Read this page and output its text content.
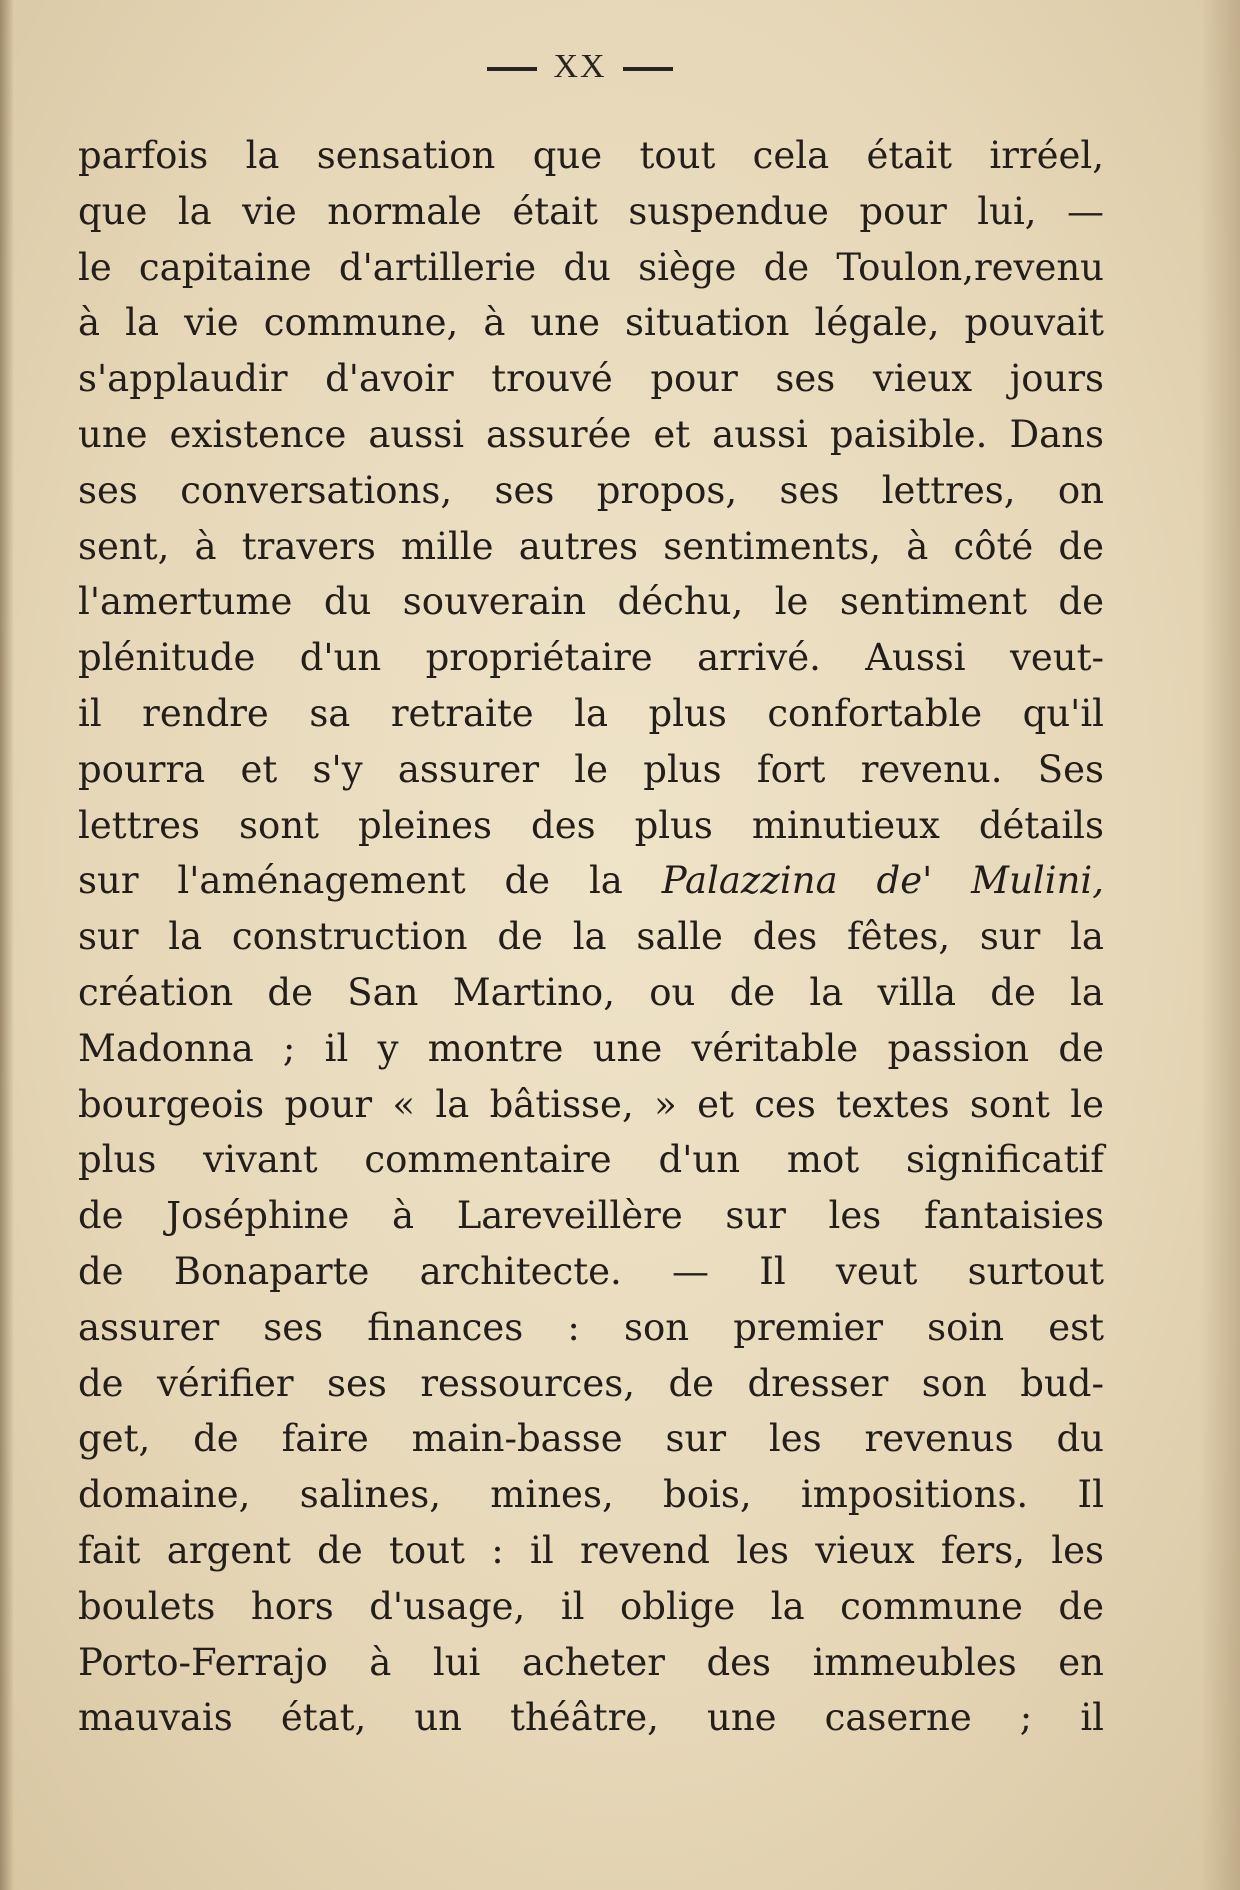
XX
parfois la sensation que tout cela était irréel,
que la vie normale était suspendue pour lui, —
le capitaine d'artillerie du siège de Toulon,revenu
à la vie commune, à une situation légale, pouvait
s'applaudir d'avoir trouvé pour ses vieux jours
une existence aussi assurée et aussi paisible. Dans
ses conversations, ses propos, ses lettres, on
sent, à travers mille autres sentiments, à côté de
l'amertume du souverain déchu, le sentiment de
plénitude d'un propriétaire arrivé. Aussi veut-
il rendre sa retraite la plus confortable qu'il
pourra et s'y assurer le plus fort revenu. Ses
lettres sont pleines des plus minutieux détails
sur l'aménagement de la Palazzina de' Mulini,
sur la construction de la salle des fêtes, sur la
création de San Martino, ou de la villa de la
Madonna ; il y montre une véritable passion de
bourgeois pour « la bâtisse, » et ces textes sont le
plus vivant commentaire d'un mot significatif
de Joséphine à Lareveillère sur les fantaisies
de Bonaparte architecte. — Il veut surtout
assurer ses finances : son premier soin est
de vérifier ses ressources, de dresser son bud-
get, de faire main-basse sur les revenus du
domaine, salines, mines, bois, impositions. Il
fait argent de tout : il revend les vieux fers, les
boulets hors d'usage, il oblige la commune de
Porto-Ferrajo à lui acheter des immeubles en
mauvais état, un théâtre, une caserne ; il
